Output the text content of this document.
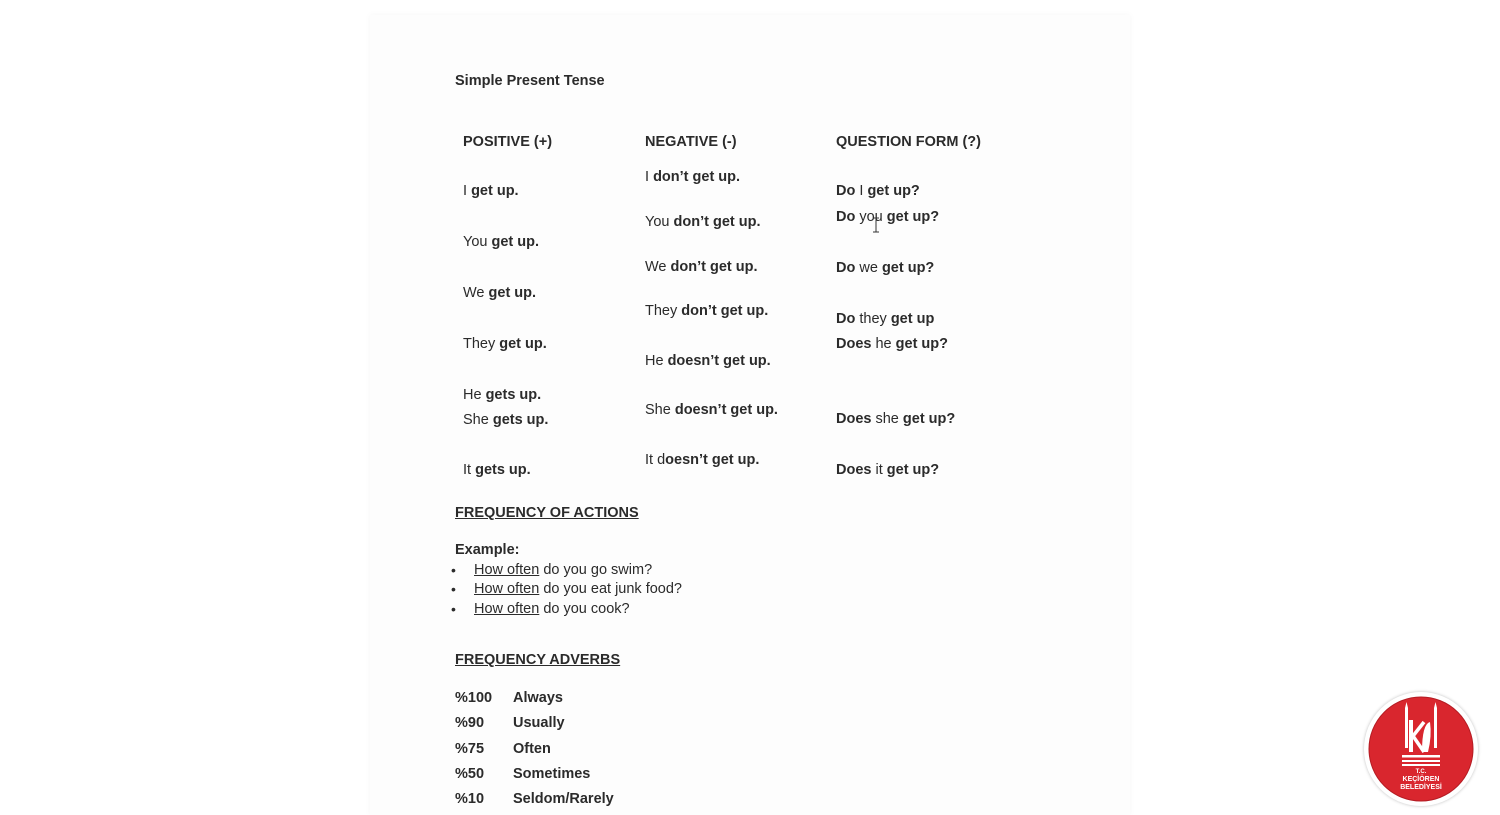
Simple Present Tense
POSITIVE (+)	NEGATIVE (-)	QUESTION FORM (?)
I get up.
You get up.
We get up.
They get up.
He gets up.
She gets up.
It gets up.
I don’t get up.
You don’t get up.
We don’t get up.
They don’t get up.
He doesn’t get up.
She doesn’t get up.
It doesn’t get up.
Do I get up?
Do you get up?
Do we get up?
Do they get up
Does he get up?
Does she get up?
Does it get up?
FREQUENCY OF ACTIONS
Example:
• How often do you go swim?
• How often do you eat junk food?
• How often do you cook?
FREQUENCY ADVERBS
%100 Always
%90 Usually
%75 Often
%50 Sometimes
%10 Seldom/Rarely
T.C.
KEÇİÖREN
BELEDİYESİ
